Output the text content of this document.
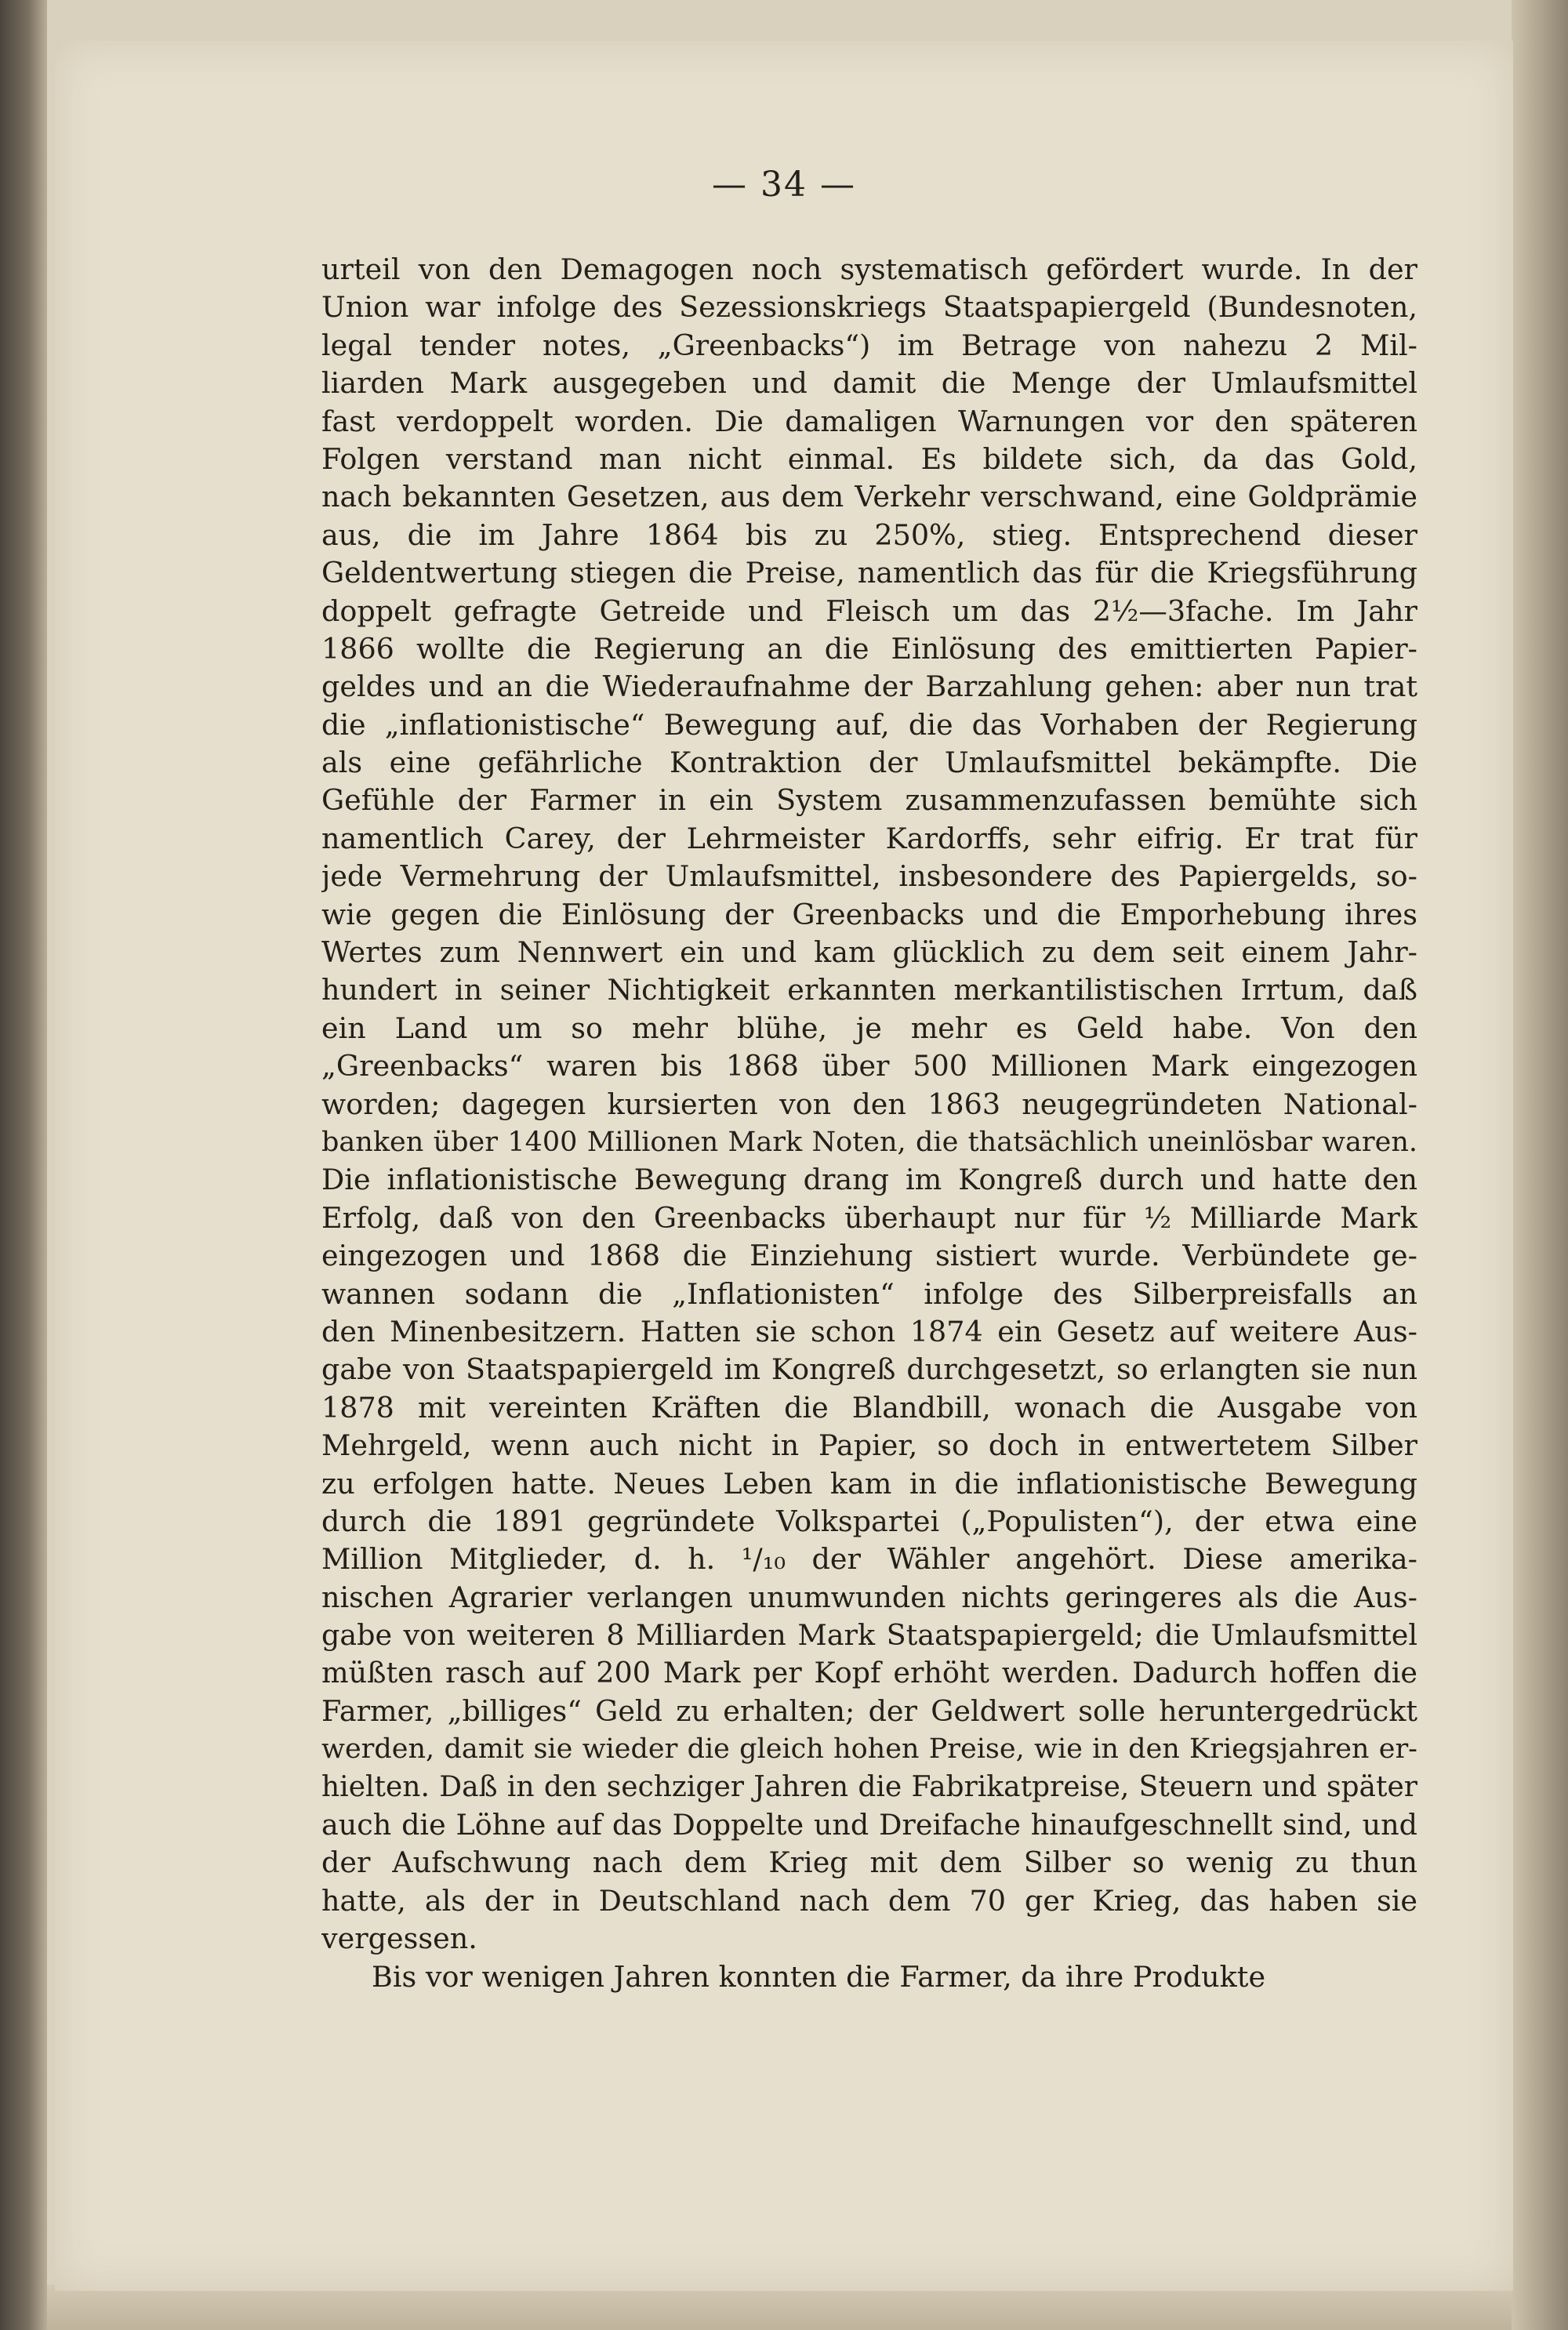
— 34 —
urteil von den Demagogen noch systematisch gefördert wurde. In der
Union war infolge des Sezessionskriegs Staatspapiergeld (Bundesnoten,
legal tender notes, „Greenbacks“) im Betrage von nahezu 2 Mil-
liarden Mark ausgegeben und damit die Menge der Umlaufsmittel
fast verdoppelt worden. Die damaligen Warnungen vor den späteren
Folgen verstand man nicht einmal. Es bildete sich, da das Gold,
nach bekannten Gesetzen, aus dem Verkehr verschwand, eine Goldprämie
aus, die im Jahre 1864 bis zu 250%, stieg. Entsprechend dieser
Geldentwertung stiegen die Preise, namentlich das für die Kriegsführung
doppelt gefragte Getreide und Fleisch um das 2½—3fache. Im Jahr
1866 wollte die Regierung an die Einlösung des emittierten Papier-
geldes und an die Wiederaufnahme der Barzahlung gehen: aber nun trat
die „inflationistische“ Bewegung auf, die das Vorhaben der Regierung
als eine gefährliche Kontraktion der Umlaufsmittel bekämpfte. Die
Gefühle der Farmer in ein System zusammenzufassen bemühte sich
namentlich Carey, der Lehrmeister Kardorffs, sehr eifrig. Er trat für
jede Vermehrung der Umlaufsmittel, insbesondere des Papiergelds, so-
wie gegen die Einlösung der Greenbacks und die Emporhebung ihres
Wertes zum Nennwert ein und kam glücklich zu dem seit einem Jahr-
hundert in seiner Nichtigkeit erkannten merkantilistischen Irrtum, daß
ein Land um so mehr blühe, je mehr es Geld habe. Von den
„Greenbacks“ waren bis 1868 über 500 Millionen Mark eingezogen
worden; dagegen kursierten von den 1863 neugegründeten National-
banken über 1400 Millionen Mark Noten, die thatsächlich uneinlösbar waren.
Die inflationistische Bewegung drang im Kongreß durch und hatte den
Erfolg, daß von den Greenbacks überhaupt nur für ½ Milliarde Mark
eingezogen und 1868 die Einziehung sistiert wurde. Verbündete ge-
wannen sodann die „Inflationisten“ infolge des Silberpreisfalls an
den Minenbesitzern. Hatten sie schon 1874 ein Gesetz auf weitere Aus-
gabe von Staatspapiergeld im Kongreß durchgesetzt, so erlangten sie nun
1878 mit vereinten Kräften die Blandbill, wonach die Ausgabe von
Mehrgeld, wenn auch nicht in Papier, so doch in entwertetem Silber
zu erfolgen hatte. Neues Leben kam in die inflationistische Bewegung
durch die 1891 gegründete Volkspartei („Populisten“), der etwa eine
Million Mitglieder, d. h. ¹/₁₀ der Wähler angehört. Diese amerika-
nischen Agrarier verlangen unumwunden nichts geringeres als die Aus-
gabe von weiteren 8 Milliarden Mark Staatspapiergeld; die Umlaufsmittel
müßten rasch auf 200 Mark per Kopf erhöht werden. Dadurch hoffen die
Farmer, „billiges“ Geld zu erhalten; der Geldwert solle heruntergedrückt
werden, damit sie wieder die gleich hohen Preise, wie in den Kriegsjahren er-
hielten. Daß in den sechziger Jahren die Fabrikatpreise, Steuern und später
auch die Löhne auf das Doppelte und Dreifache hinaufgeschnellt sind, und
der Aufschwung nach dem Krieg mit dem Silber so wenig zu thun
hatte, als der in Deutschland nach dem 70 ger Krieg, das haben sie
vergessen.
Bis vor wenigen Jahren konnten die Farmer, da ihre Produkte
